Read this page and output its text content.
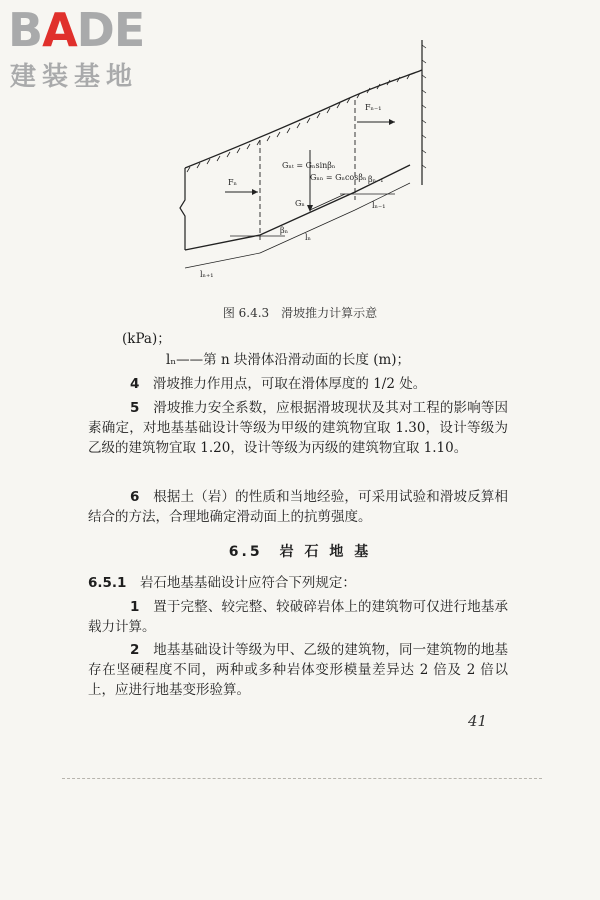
BADE
建装基地
Fₙ
Fₙ₋₁
Gₙ
Gₙₜ = Gₙsinβₙ
Gₙₙ = Gₙcosβₙ
βₙ
βₙ₋₁
lₙ
lₙ₋₁
lₙ₊₁
图 6.4.3　滑坡推力计算示意

(kPa)；

lₙ——第 n 块滑体沿滑动面的长度 (m)；

4　 滑坡推力作用点，可取在滑体厚度的 1/2 处。

5　 滑坡推力安全系数，应根据滑坡现状及其对工程的影响等因素确定，对地基基础设计等级为甲级的建筑物宜取 1.30，设计等级为乙级的建筑物宜取 1.20，设计等级为丙级的建筑物宜取 1.10。

6　 根据土（岩）的性质和当地经验，可采用试验和滑坡反算相结合的方法，合理地确定滑动面上的抗剪强度。

6.5　岩 石 地 基

6.5.1　 岩石地基基础设计应符合下列规定：

1　 置于完整、较完整、较破碎岩体上的建筑物可仅进行地基承载力计算。

2　 地基基础设计等级为甲、乙级的建筑物，同一建筑物的地基存在坚硬程度不同，两种或多种岩体变形模量差异达 2 倍及 2 倍以上，应进行地基变形验算。

41
